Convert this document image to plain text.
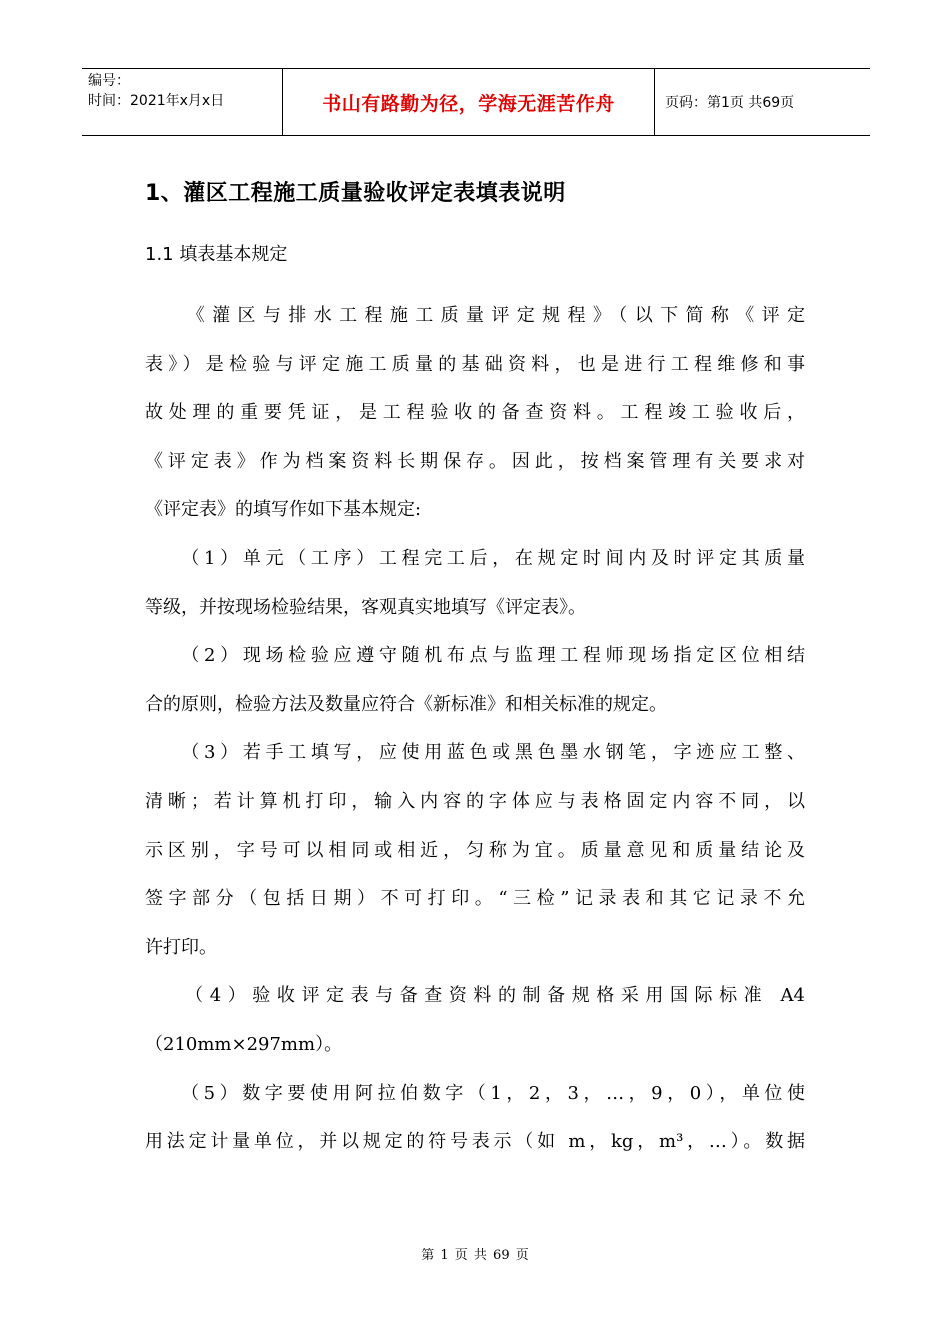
编号：
时间：2021年x月x日	书山有路勤为径，学海无涯苦作舟	页码：第1页 共69页
1、灌区工程施工质量验收评定表填表说明
1.1 填表基本规定
　　《灌区与排水工程施工质量评定规程》（以下简称《评定
表》）是检验与评定施工质量的基础资料，也是进行工程维修和事
故处理的重要凭证，是工程验收的备查资料。工程竣工验收后，
《评定表》作为档案资料长期保存。因此，按档案管理有关要求对
《评定表》的填写作如下基本规定:
　　（1）单元（工序）工程完工后，在规定时间内及时评定其质量
等级，并按现场检验结果，客观真实地填写《评定表》。
　　（2）现场检验应遵守随机布点与监理工程师现场指定区位相结
合的原则，检验方法及数量应符合《新标准》和相关标准的规定。
　　（3）若手工填写，应使用蓝色或黑色墨水钢笔，字迹应工整、
清晰；若计算机打印，输入内容的字体应与表格固定内容不同，以
示区别，字号可以相同或相近，匀称为宜。质量意见和质量结论及
签字部分（包括日期）不可打印。“三检”记录表和其它记录不允
许打印。
　　（4）验收评定表与备查资料的制备规格采用国际标准 A4
（210mm×297mm）。
　　（5）数字要使用阿拉伯数字（1，2，3，…，9，0），单位使
用法定计量单位，并以规定的符号表示（如 m，kg，m³，…）。数据
第 1 页 共 69 页
